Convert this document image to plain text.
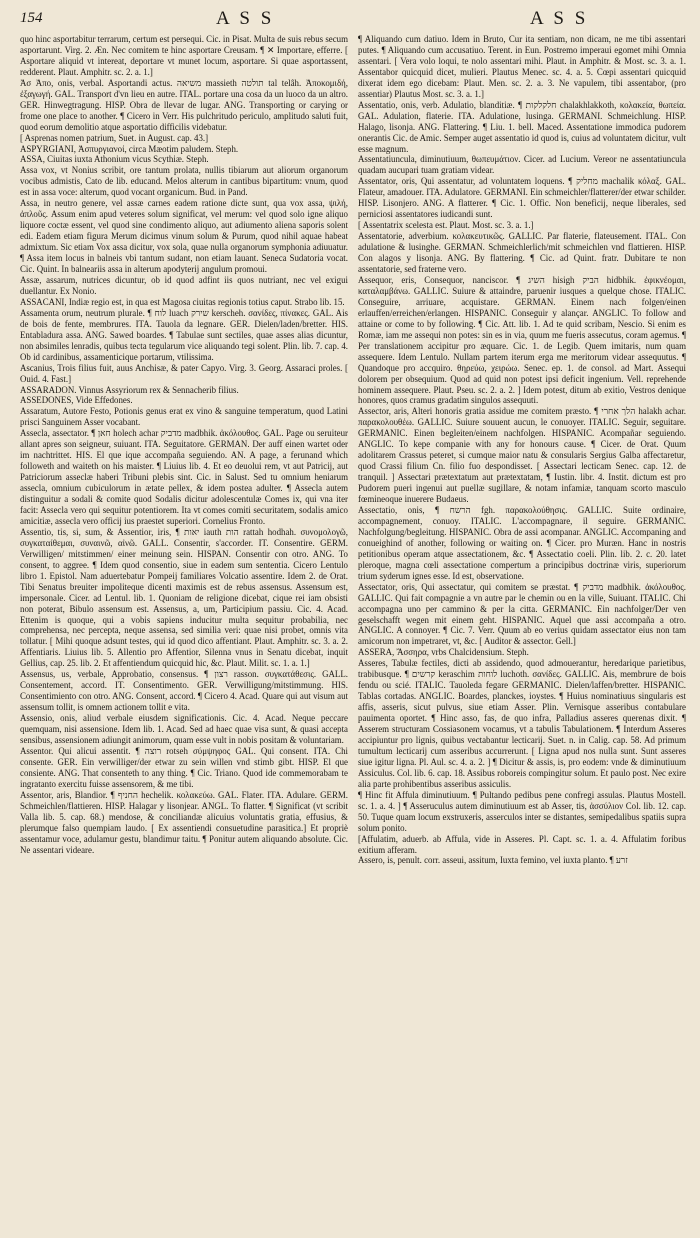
154	A S S	A S S

quo hinc asportabitur terrarum, certum est persequi. Cic. in Pisat. Multa de suis rebus secum asportarunt. Virg. 2. Æn. Nec comitem te hinc asportare Creusam. ¶ ✕ Importare, efferre. [ Asportare aliquid vt intereat, deportare vt munet locum, asportare. Si quae asportassent, redderent. Plaut. Amphitr. sc. 2. a. 1.]

Ἀσ Ἀπο, onis, verbal. Asportandi actus. משיאה massieth תולטה tal telâh. Ἀποκομιδή, ἐξαγωγή. GAL. Transport d'vn lieu en autre. ITAL. portare una cosa da un luoco da un altro. GER. Hinwegtragung. HISP. Obra de llevar de lugar. ANG. Transporting or carying or frome one place to another. ¶ Cicero in Verr. His pulchritudo periculo, amplitudo saluti fuit, quod eorum demolitio atque asportatio difficilis videbatur.

[ Asprenas nomen patrium, Suet. in August. cap. 43.]

ASPYRGIANI, Ἀσπυργιανοί, circa Mæotim paludem. Steph.

ASSA, Ciuitas iuxta Athonium vicus Scythiæ. Steph.

Assa vox, vt Nonius scribit, ore tantum prolata, nullis tibiarum aut aliorum organorum vocibus admistis, Cato de lib. educand. Melos alterum in cantibus bipartitum: vnum, quod est in assa voce: alterum, quod vocant organicum. Bud. in Pand.

Assa, in neutro genere, vel assæ carnes eadem ratione dicte sunt, qua vox assa, ψιλή, ἀπλοῦς. Assum enim apud veteres solum significat, vel merum: vel quod solo igne aliquo liquore coctæ essent, vel quod sine condimento aliquo, aut adiumento aliena saporis solent edi. Eadem etiam figura Merum dicimus vinum solum & Purum, quod nihil aquae habeat admixtum. Sic etiam Vox assa dicitur, vox sola, quae nulla organorum symphonia adiuuatur. ¶ Assa item locus in balneis vbi tantum sudant, non etiam lauant. Seneca Sudatoria vocat. Cic. Quint. In balneariis assa in alterum apodyterij angulum promoui.

Assæ, assarum, nutrices dicuntur, ob id quod adfint iis quos nutriant, nec vel exigui duellantur. Ex Nonio.

ASSACANI, Indiæ regio est, in qua est Magosa ciuitas regionis totius caput. Strabo lib. 15.

Assamenta orum, neutrum plurale. ¶ לוח luach שירק kerscheh. σανίδες, πίνακες. GAL. Ais de bois de fente, membrures. ITA. Tauola da legnare. GER. Dielen/laden/bretter. HIS. Entabladura assa. ANG. Sawed boardes. ¶ Tabulae sunt sectiles, quae asses alias dicuntur, non absimiles lenradis, quibus tecta tegularum vice aliquando tegi solent. Plin. lib. 7. cap. 4. Ob id cardinibus, assamenticique portarum, vtilissima.

Ascanius, Trois filius fuit, auus Anchisæ, & pater Capyo. Virg. 3. Georg. Assaraci proles. [ Ouid. 4. Fast.]

ASSARADON. Vinnus Assyriorum rex & Sennacherib filius.

ASSEDONES, Vide Effedones.

Assaratum, Autore Festo, Potionis genus erat ex vino & sanguine temperatum, quod Latini prisci Sanguinem Asser vocabant.

Assecla, assectator. ¶ חאן holech achar מדביק madbhik. ἀκόλουθος. GAL. Page ou seruiteur allant apres son seigneur, suiuant. ITA. Seguitatore. GERMAN. Der auff einen wartet oder im nachtrittet. HIS. El que ique accompaña seguiendo. AN. A page, a ferunand which followeth and waiteth on his maister. ¶ Liuius lib. 4. Et eo deuolui rem, vt aut Patricij, aut Patriciorum asseclæ haberi Tribuni plebis sint. Cic. in Salust. Sed tu omnium heniarum assecla, omnium cubiculorum in ætate pellex, & idem postea adulter. ¶ Assecla autem distinguitur a sodali & comite quod Sodalis dicitur adolescentulæ Comes ix, qui vna iter facit: Assecla vero qui sequitur potentiorem. Ita vt comes comiti securitatem, sodalis amico amicitiæ, assecla vero officij ius praestet superiori. Cornelius Fronto.

Assentio, tis, si, sum, & Assentior, iris, ¶ יאות iauth הות rattah hodhah. συνομολογῶ, συγκαταίθεμαι, συναινῶ, αἰνῶ. GALL. Consentir, s'accorder. IT. Consentire. GERM. Verwilligen/ mitstimmen/ einer meinung sein. HISPAN. Consentir con otro. ANG. To consent, to aggree. ¶ Idem quod consentio, siue in eadem sum sententia. Cicero Lentulo libro 1. Epistol. Nam aduertebatur Pompeij familiares Volcatio assentire. Idem 2. de Orat. Tibi Senatus breuiter impoliteque dicenti maximis est de rebus assensus. Assensum est, impersonale. Cicer. ad Lentul. lib. 1. Quoniam de religione dicebat, cique rei iam obsisti non poterat, Bibulo assensum est. Assensus, a, um, Participium passiu. Cic. 4. Acad. Ettenim is quoque, qui a vobis sapiens inducitur multa sequitur probabilia, nec comprehensa, nec percepta, neque assensa, sed similia veri: quae nisi probet, omnis vita tollatur. [ Mihi quoque adsunt testes, qui id quod dico affentiant. Plaut. Amphitr. sc. 3. a. 2. Affentiaris. Liuius lib. 5. Allentio pro Affentior, Silenna vnus in Senatu dicebat, inquit Gellius, cap. 25. lib. 2. Et affentiendum quicquid hic, &c. Plaut. Milit. sc. 1. a. 1.]

Assensus, us, verbale, Approbatio, consensus. ¶ רצון rasson. συγκατάθεσις. GALL. Consentement, accord. IT. Consentimento. GER. Verwilligung/mitstimmung. HIS. Consentimiento con otro. ANG. Consent, accord. ¶ Cicero 4. Acad. Quare qui aut visum aut assensum tollit, is omnem actionem tollit e vita.

Assensio, onis, aliud verbale eiusdem significationis. Cic. 4. Acad. Neque peccare quemquam, nisi assensione. Idem lib. 1. Acad. Sed ad haec quae visa sunt, & quasi accepta sensibus, assensionem adiungit animorum, quam esse vult in nobis positam & voluntariam.

Assentor. Qui alicui assentit. ¶ רוצה rotseh σύμψηφος GAL. Qui consent. ITA. Chi consente. GER. Ein verwilliger/der etwar zu sein willen vnd stimb gibt. HISP. El que consiente. ANG. That consenteth to any thing. ¶ Cic. Triano. Quod ide commemorabam te ingratanto exercitu fuisse assensorem, & me tibi.

Assentor, aris, Blandior. ¶ החניף hechelik. κολακεύω. GAL. Flater. ITA. Adulare. GERM. Schmeichlen/flattieren. HISP. Halagar y lisonjear. ANGL. To flatter. ¶ Significat (vt scribit Valla lib. 5. cap. 68.) mendose, & conciliandæ alicuius voluntatis gratia, effusius, & plerumque falso quempiam laudo. [ Ex assentiendi consuetudine parasitica.] Et propriè assentamur voce, adulamur gestu, blandimur taitu. ¶ Ponitur autem aliquando absolute. Cic. Ne assentari videare.

¶ Aliquando cum datiuo. Idem in Bruto, Cur ita sentiam, non dicam, ne me tibi assentari putes. ¶ Aliquando cum accusatiuo. Terent. in Eun. Postremo imperaui egomet mihi Omnia assentari. [ Vera volo loqui, te nolo assentari mihi. Plaut. in Amphitr. & Most. sc. 3. a. 1. Assentabor quicquid dicet, mulieri. Plautus Menec. sc. 4. a. 5. Cœpi assentari quicquid dixerat idem ego dicebam: Plaut. Men. sc. 2. a. 3. Ne vapulem, tibi assentabor, (pro assentiar) Plautus Most. sc. 3. a. 1.]

Assentatio, onis, verb. Adulatio, blanditiæ. ¶ חלקלקות chalakhlakkoth, κολακεία, θωπεία. GAL. Adulation, flaterie. ITA. Adulatione, lusinga. GERMANI. Schmeichlung. HISP. Halago, lisonja. ANG. Flattering. ¶ Liu. 1. bell. Maced. Assentatione immodica pudorem onerantis Cic. de Amic. Semper auget assentatio id quod is, cuius ad voluntatem dicitur, vult esse magnum.

Assentatiuncula, diminutiuum, θωπευμάτιον. Cicer. ad Lucium. Vereor ne assentatiuncula quadam aucupari tuam gratiam videar.

Assentator, oris, Qui assentatur, ad voluntatem loquens. ¶ מחליק machalik κόλαξ. GAL. Flateur, amadouer. ITA. Adulatore. GERMANI. Ein schmeichler/flatterer/der etwar schilder. HISP. Lisonjero. ANG. A flatterer. ¶ Cic. 1. Offic. Non beneficij, neque liberales, sed perniciosi assentatores iudicandi sunt.

[ Assentatrix scelesta est. Plaut. Most. sc. 3. a. 1.]

Assentatorie, adverbium. κολακευτικῶς. GALLIC. Par flaterie, flateusement. ITAL. Con adulatione & lusinghe. GERMAN. Schmeichlerlich/mit schmeichlen vnd flattieren. HISP. Con alagos y lisonja. ANG. By flattering. ¶ Cic. ad Quint. fratr. Dubitare te non assentatorie, sed fraterne vero.

Assequor, eris, Consequor, nanciscor. ¶ השיג hisigh הביק hidbhik. ἐφικνέομαι, καταλαμβάνω. GALLIC. Suiure & attaindre, paruenir iusques a quelque chose. ITALIC. Conseguire, arriuare, acquistare. GERMAN. Einem nach folgen/einen erlauffen/erreichen/erlangen. HISPANIC. Conseguir y alançar. ANGLIC. To follow and attaine or come to by following. ¶ Cic. Att. lib. 1. Ad te quid scribam, Nescio. Si enim es Romæ, iam me assequi non potes: sin es in via, quum me fueris assecutus, coram agemus. ¶ Per translationem accipitur pro æquare. Cic. 1. de Legib. Quem imitaris, num quam assequere. Idem Lentulo. Nullam partem iterum erga me meritorum videar assequutus. ¶ Quandoque pro accquiro. θηρεύω, χειρώω. Senec. ep. 1. de consol. ad Mart. Assequi dolorem per obsequium. Quod ad quid non potest ipsi deficit ingenium. Vell. reprehende hominem assequere. Plaut. Pseu. sc. 2. a. 2. ] Idem potest, ditum ab exitio, Vestros denique honores, quos cramus gradatim singulos assequuti.

Assector, aris, Alteri honoris gratia assidue me comitem præsto. ¶ הלך אחרי halakh achar. παρακολουθέω. GALLIC. Suiure souuent aucun, le conuoyer. ITALIC. Seguir, seguitare. GERMANIC. Einen begleiten/einem nachfolgen. HISPANIC. Acompañar seguiendo. ANGLIC. To kepe companie with any for honours cause. ¶ Cicer. de Orat. Quum adolitarem Crassus peteret, si cumque maior natu & consularis Sergius Galba affectaretur, quod Crassi filium Cn. filio fuo despondisset. [ Assectari lecticam Senec. cap. 12. de tranquil. ] Assectari prætextatum aut prætextatam, ¶ Iustin. libr. 4. Instit. dictum est pro Pudorem pueri ingenui aut puellæ sugillare, & notam infamiæ, tanquam scorto masculo fœmineoque inuerere Budaeus.

Assectatio, onis, ¶ הרשח fgh. παρακολούθησις. GALLIC. Suite ordinaire, accompagnement, conuoy. ITALIC. L'accompagnare, il seguire. GERMANIC. Nachfolgung/begleitung. HISPANIC. Obra de assi acompanar. ANGLIC. Accompaning and conueighind of another, following or waiting on. ¶ Cicer. pro Muræn. Hanc in nostris petitionibus operam atque assectationem, &c. ¶ Assectatio coeli. Plin. lib. 2. c. 20. latet pleroque, magna cœli assectatione compertum a principibus doctrinæ viris, superiorum trium syderum ignes esse. Id est, observatione.

Assectator, oris, Qui assectatur, qui comitem se præstat. ¶ מדביק madbhik. ἀκόλουθος. GALLIC. Qui fait compagnie a vn autre par le chemin ou en la ville, Suiuant. ITALIC. Chi accompagna uno per cammino & per la citta. GERMANIC. Ein nachfolger/Der ven geselschafft wegen mit einem geht. HISPANIC. Aquel que assi accompaña a otro. ANGLIC. A connoyer. ¶ Cic. 7. Verr. Quum ab eo verius quidam assectator eius non tam amicorum non impetraret, vt, &c. [ Auditor & assector. Gell.]

ASSERA, Ἄσσηρα, vrbs Chalcidensium. Steph.

Asseres, Tabulæ fectiles, dicti ab assidendo, quod admouerantur, heredarique parietibus, trabibusque. ¶ קרשים keraschim לוחות luchoth. σανίδες. GALLIC. Ais, membrure de bois fendu ou scié. ITALIC. Tauoleda fegare GERMANIC. Dielen/laffen/bretter. HISPANIC. Tablas cortadas. ANGLIC. Boardes, planckes, ioystes. ¶ Huius nominatiuus singularis est affis, asseris, sicut pulvus, siue etiam Asser. Plin. Vernisque asseribus contabulare pauimenta oportet. ¶ Hinc asso, fas, de quo infra, Palladius asseres querenas dixit. ¶ Asserem structuram Cossiasonem vocamus, vt a tabulis Tabulationem. ¶ Interdum Asseres accipiuntur pro lignis, quibus vectabantur lecticarij. Suet. n. in Calig. cap. 58. Ad primum tumultum lecticarij cum asseribus accurrerunt. [ Ligna apud nos nulla sunt. Sunt asseres siue igitur ligna. Pl. Aul. sc. 4. a. 2. ] ¶ Dicitur & assis, is, pro eodem: vnde & diminutiuum Assiculus. Col. lib. 6. cap. 18. Assibus roboreis compingitur solum. Et paulo post. Nec exire alia parte prohibentibus asseribus assiculis.

¶ Hinc fit Affula diminutiuum. ¶ Pultando pedibus pene confregi assulas. Plautus Mostell. sc. 1. a. 4. ] ¶ Asseruculus autem diminutiuum est ab Asser, tis, ἀσσύλιον Col. lib. 12. cap. 50. Tuque quam locum exstruxeris, asserculos inter se distantes, semipedalibus spatiis supra solum ponito.

[Affulatim, aduerb. ab Affula, vide in Asseres. Pl. Capt. sc. 1. a. 4. Affulatim foribus exitium afferam.

Assero, is, penult. corr. asseui, assitum, Iuxta femino, vel iuxta planto. ¶ זרע
